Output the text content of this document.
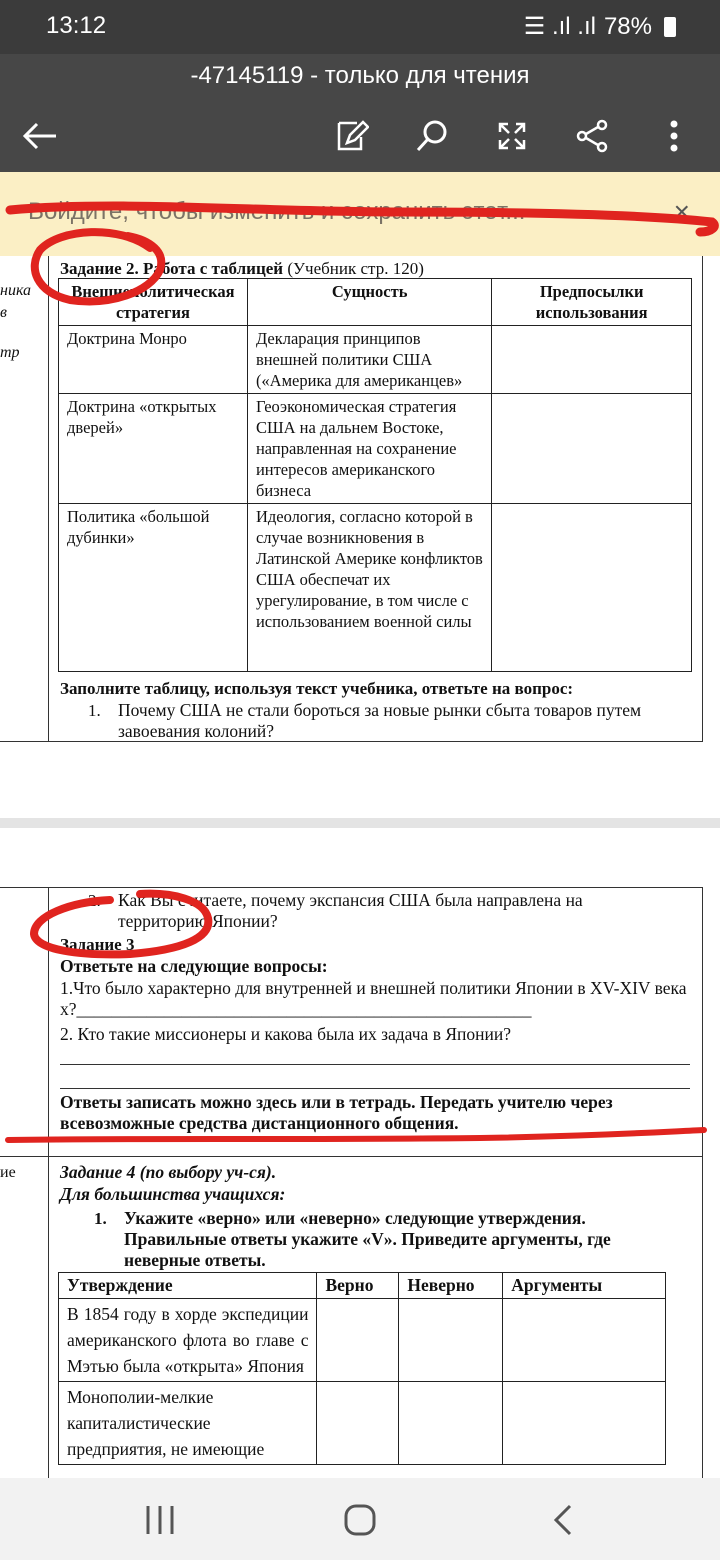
13:12	☰ .ıl .ıl 78%
-47145119 - только для чтения
Войдите, чтобы изменить и сохранить этот...	×
ника
в
тр
Задание 2. Работа с таблицей (Учебник стр. 120)
Внешнеполитическая стратегия	Сущность	Предпосылки использования
Доктрина Монро	Декларация принципов внешней политики США («Америка для американцев»	
Доктрина «открытых дверей»	Геоэкономическая стратегия США на дальнем Востоке, направленная на сохранение интересов американского бизнеса	
Политика «большой дубинки»	Идеология, согласно которой в случае возникновения в Латинской Америке конфликтов США обеспечат их урегулирование, в том числе с использованием военной силы	
Заполните таблицу, используя текст учебника, ответьте на вопрос:
1. Почему США не стали бороться за новые рынки сбыта товаров путем завоевания колоний?
2. Как Вы считаете, почему экспансия США была направлена на территорию Японии?
Задание 3
Ответьте на следующие вопросы:
1.Что было характерно для внутренней и внешней политики Японии в XV-XIV веках?____________________________________________________
2. Кто такие миссионеры и какова была их задача в Японии?
Ответы записать можно здесь или в тетрадь. Передать учителю через всевозможные средства дистанционного общения.
ие	Задание 4 (по выбору уч-ся).
Для большинства учащихся:
1. Укажите «верно» или «неверно» следующие утверждения. Правильные ответы укажите «V». Приведите аргументы, где неверные ответы.
Утверждение	Верно	Неверно	Аргументы
В 1854 году в хорде экспедиции американского флота во главе с Мэтью была «открыта» Япония			
Монополии-мелкие капиталистические предприятия, не имеющие			
